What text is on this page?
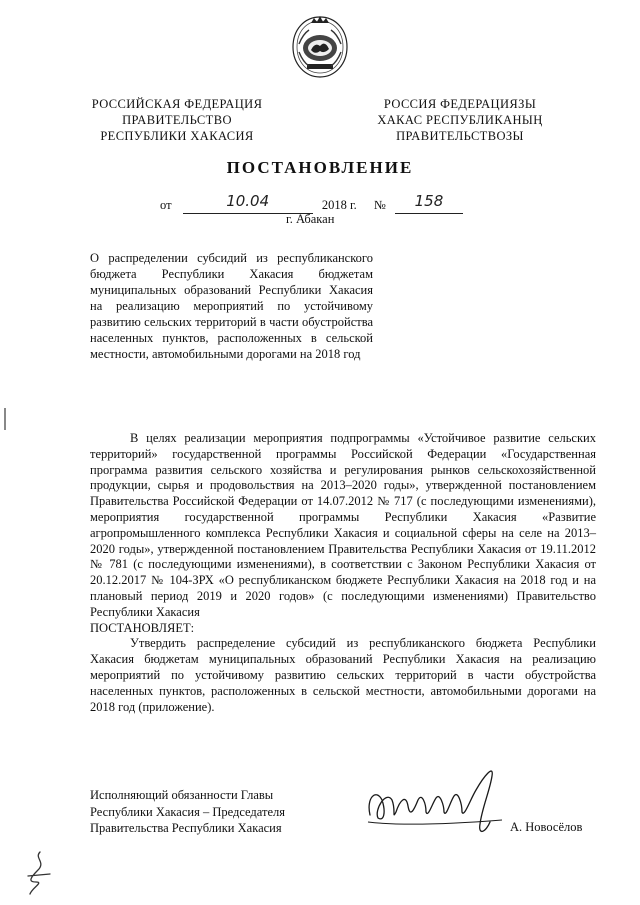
РОССИЙСКАЯ ФЕДЕРАЦИЯ
ПРАВИТЕЛЬСТВО
РЕСПУБЛИКИ ХАКАСИЯ
РОССИЯ ФЕДЕРАЦИЯЗЫ
ХАКАС РЕСПУБЛИКАНЫҢ
ПРАВИТЕЛЬСТВОЗЫ
ПОСТАНОВЛЕНИЕ
от	10.04	2018 г. № 158
г. Абакан
О распределении субсидий из республиканского бюджета Республики Хакасия бюджетам муниципальных образований Республики Хакасия на реализацию мероприятий по устойчивому развитию сельских территорий в части обустройства населенных пунктов, расположенных в сельской местности, автомобильными дорогами на 2018 год

В целях реализации мероприятия подпрограммы «Устойчивое развитие сельских территорий» государственной программы Российской Федерации «Государственная программа развития сельского хозяйства и регулирования рынков сельскохозяйственной продукции, сырья и продовольствия на 2013–2020 годы», утвержденной постановлением Правительства Российской Федерации от 14.07.2012 № 717 (с последующими изменениями), мероприятия государственной программы Республики Хакасия «Развитие агропромышленного комплекса Республики Хакасия и социальной сферы на селе на 2013–2020 годы», утвержденной постановлением Правительства Республики Хакасия от 19.11.2012 № 781 (с последующими изменениями), в соответствии с Законом Республики Хакасия от 20.12.2017 № 104-ЗРХ «О республиканском бюджете Республики Хакасия на 2018 год и на плановый период 2019 и 2020 годов» (с последующими изменениями) Правительство Республики Хакасия

ПОСТАНОВЛЯЕТ:

Утвердить распределение субсидий из республиканского бюджета Республики Хакасия бюджетам муниципальных образований Республики Хакасия на реализацию мероприятий по устойчивому развитию сельских территорий в части обустройства населенных пунктов, расположенных в сельской местности, автомобильными дорогами на 2018 год (приложение).

Исполняющий обязанности Главы
Республики Хакасия – Председателя
Правительства Республики Хакасия	А. Новосёлов
